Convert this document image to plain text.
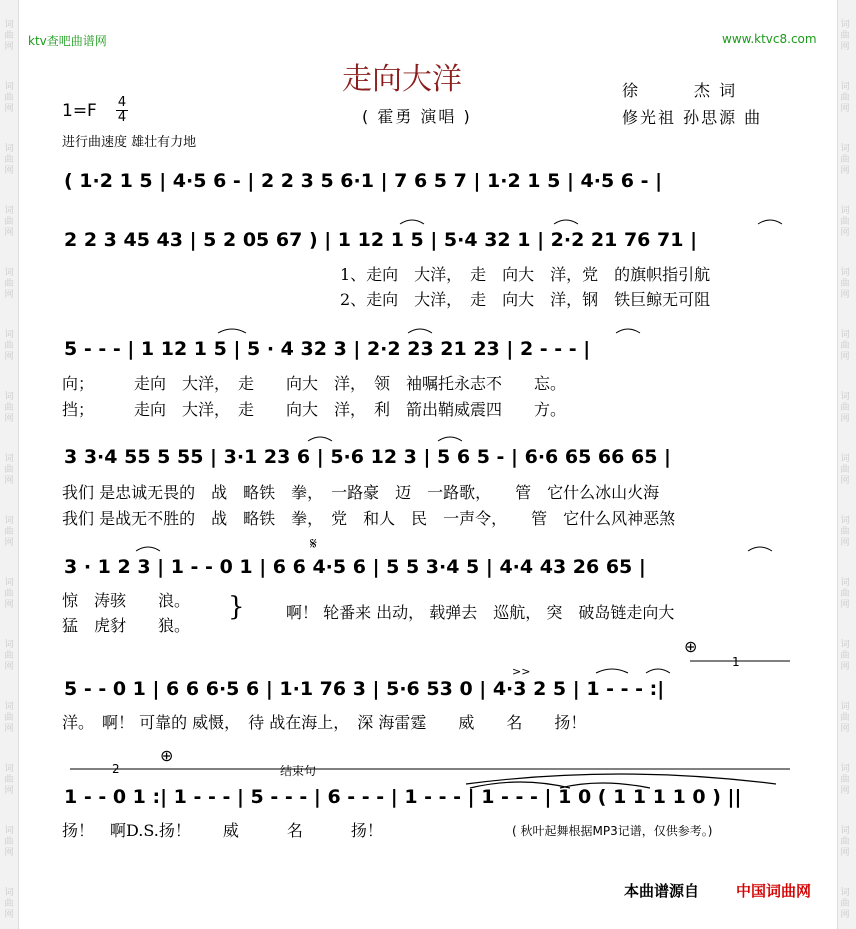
词
曲
网
词
曲
网
词
曲
网
词
曲
网
词
曲
网
词
曲
网
词
曲
网
词
曲
网
词
曲
网
词
曲
网
词
曲
网
词
曲
网
词
曲
网
词
曲
网
词
曲
网
词
曲
网
词
曲
网
词
曲
网
词
曲
网
词
曲
网
词
曲
网
词
曲
网
词
曲
网
词
曲
网
词
曲
网
词
曲
网
词
曲
网
词
曲
网
词
曲
网
词
曲
网
ktv查吧曲谱网	www.ktvc8.com
走向大洋
( 霍勇 演唱 )
徐　　　杰 词
修光祖 孙思源 曲
1=F 4
4
进行曲速度 雄壮有力地
( 1·2 1 5 | 4·5 6 - | 2 2 3 5 6·1 | 7 6 5 7 | 1·2 1 5 | 4·5 6 - |
2 2 3 45 43 | 5 2 05 67 ) | 1 12 1 5 | 5·4 32 1 | 2·2 21 76 71 |
1、走向　大洋，　走　向大　洋，党　的旗帜指引航
2、走向　大洋，　走　向大　洋，钢　铁巨鲸无可阻
5 - - - | 1 12 1 5 | 5 · 4 32 3 | 2·2 23 21 23 | 2 - - - |
向；　　　走向　大洋，　走　　向大　洋，　领　袖嘱托永志不　　忘。
挡；　　　走向　大洋，　走　　向大　洋，　利　箭出鞘威震四　　方。
3 3·4 55 5 55 | 3·1 23 6 | 5·6 12 3 | 5 6 5 - | 6·6 65 66 65 |
我们 是忠诚无畏的　战　略铁　拳，　一路豪　迈　一路歌，　　管　它什么冰山火海
我们 是战无不胜的　战　略铁　拳，　党　和人　民　一声令，　　管　它什么风神恶煞
𝄋
3 · 1 2 3 | 1 - - 0 1 | 6 6 4·5 6 | 5 5 3·4 5 | 4·4 43 26 65 |
惊　涛骇　　浪。
猛　虎豺　　狼。
}	啊！ 轮番来 出动， 载弹去　巡航， 突　破岛链走向大
⊕
1
>>
5 - - 0 1 | 6 6 6·5 6 | 1·1 76 3 | 5·6 53 0 | 4·3 2 5 | 1 - - - :|
洋。　啊！ 可靠的 威慑，　待 战在海上，　深 海雷霆　　威　　名　　扬！
2
⊕
结束句
1 - - 0 1 :| 1 - - - | 5 - - - | 6 - - - | 1 - - - | 1 - - - | 1 0 ( 1 1 1 1 0 ) ||
扬！　啊D.S.扬！　　威　　　名　　　扬！	( 秋叶起舞根据MP3记谱，仅供参考。)
本曲谱源自 中国词曲网
